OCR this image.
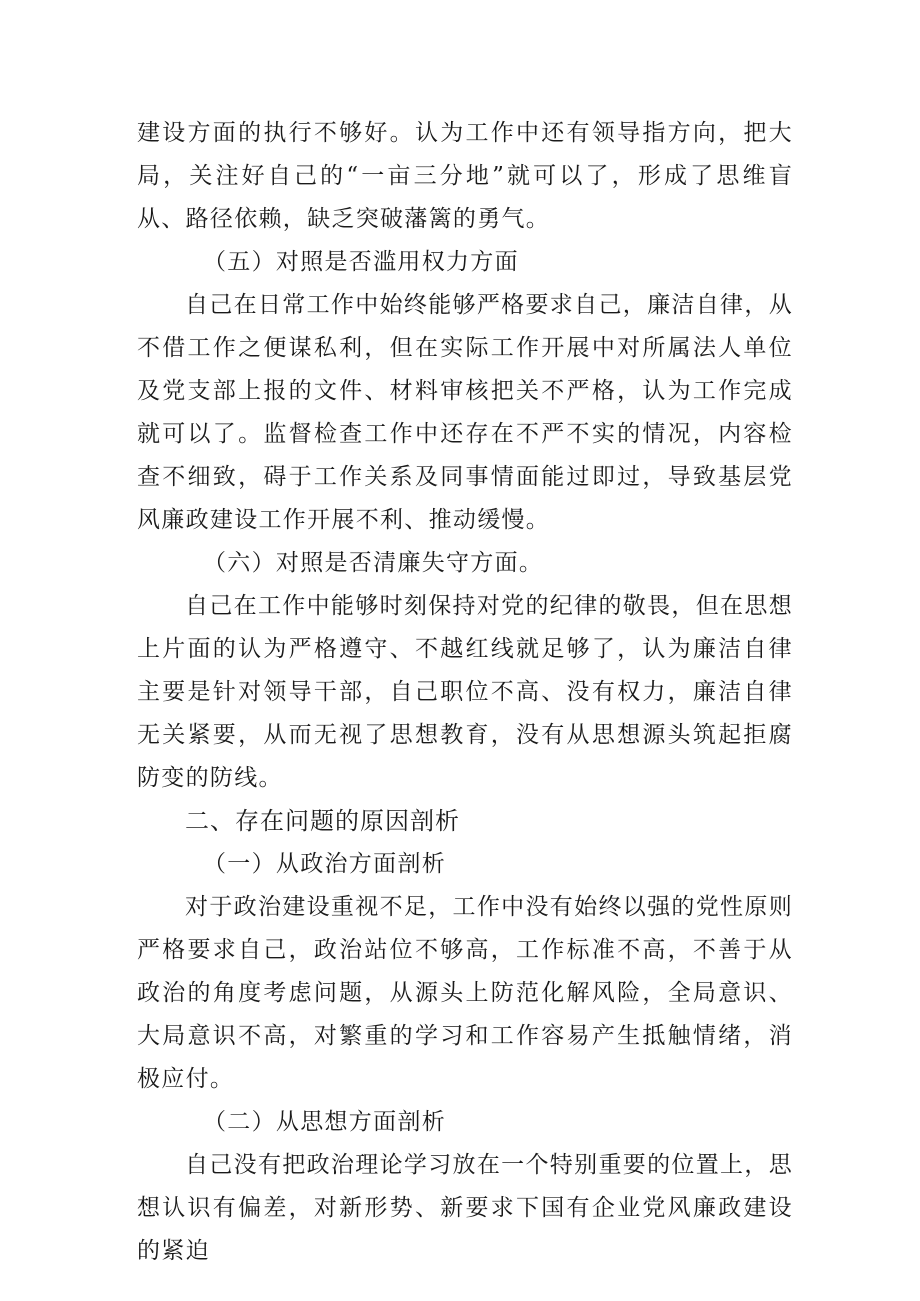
建设方面的执行不够好。认为工作中还有领导指方向，把大局，关注好自己的“一亩三分地”就可以了，形成了思维盲从、路径依赖，缺乏突破藩篱的勇气。

（五）对照是否滥用权力方面

自己在日常工作中始终能够严格要求自己，廉洁自律，从不借工作之便谋私利，但在实际工作开展中对所属法人单位及党支部上报的文件、材料审核把关不严格，认为工作完成就可以了。监督检查工作中还存在不严不实的情况，内容检查不细致，碍于工作关系及同事情面能过即过，导致基层党风廉政建设工作开展不利、推动缓慢。

（六）对照是否清廉失守方面。

自己在工作中能够时刻保持对党的纪律的敬畏，但在思想上片面的认为严格遵守、不越红线就足够了，认为廉洁自律主要是针对领导干部，自己职位不高、没有权力，廉洁自律无关紧要，从而无视了思想教育，没有从思想源头筑起拒腐防变的防线。

二、存在问题的原因剖析

（一）从政治方面剖析

对于政治建设重视不足，工作中没有始终以强的党性原则严格要求自己，政治站位不够高，工作标准不高，不善于从政治的角度考虑问题，从源头上防范化解风险，全局意识、大局意识不高，对繁重的学习和工作容易产生抵触情绪，消极应付。

（二）从思想方面剖析

自己没有把政治理论学习放在一个特别重要的位置上，思想认识有偏差，对新形势、新要求下国有企业党风廉政建设的紧迫
